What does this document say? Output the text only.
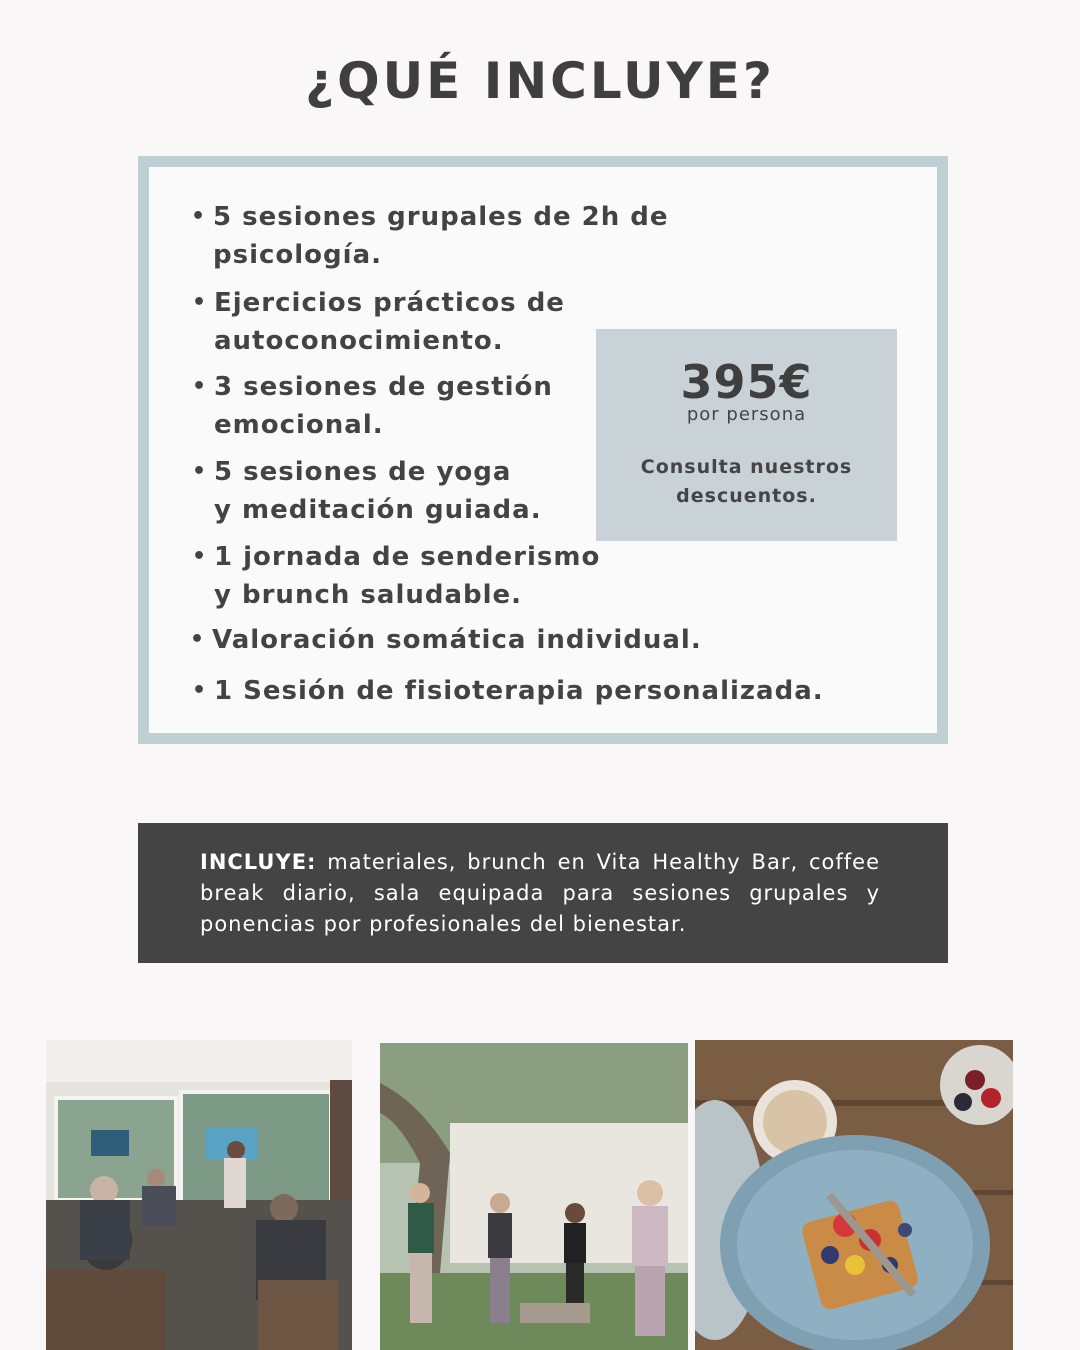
¿QUÉ INCLUYE?
• 5 sesiones grupales de 2h de
psicología.
• Ejercicios prácticos de
autoconocimiento.
• 3 sesiones de gestión
emocional.
• 5 sesiones de yoga
y meditación guiada.
• 1 jornada de senderismo
y brunch saludable.
• Valoración somática individual.
• 1 Sesión de fisioterapia personalizada.
395€
por persona
Consulta nuestros
descuentos.
INCLUYE: materiales, brunch en Vita Healthy Bar, coffee break diario, sala equipada para sesiones grupales y ponencias por profesionales del bienestar.
